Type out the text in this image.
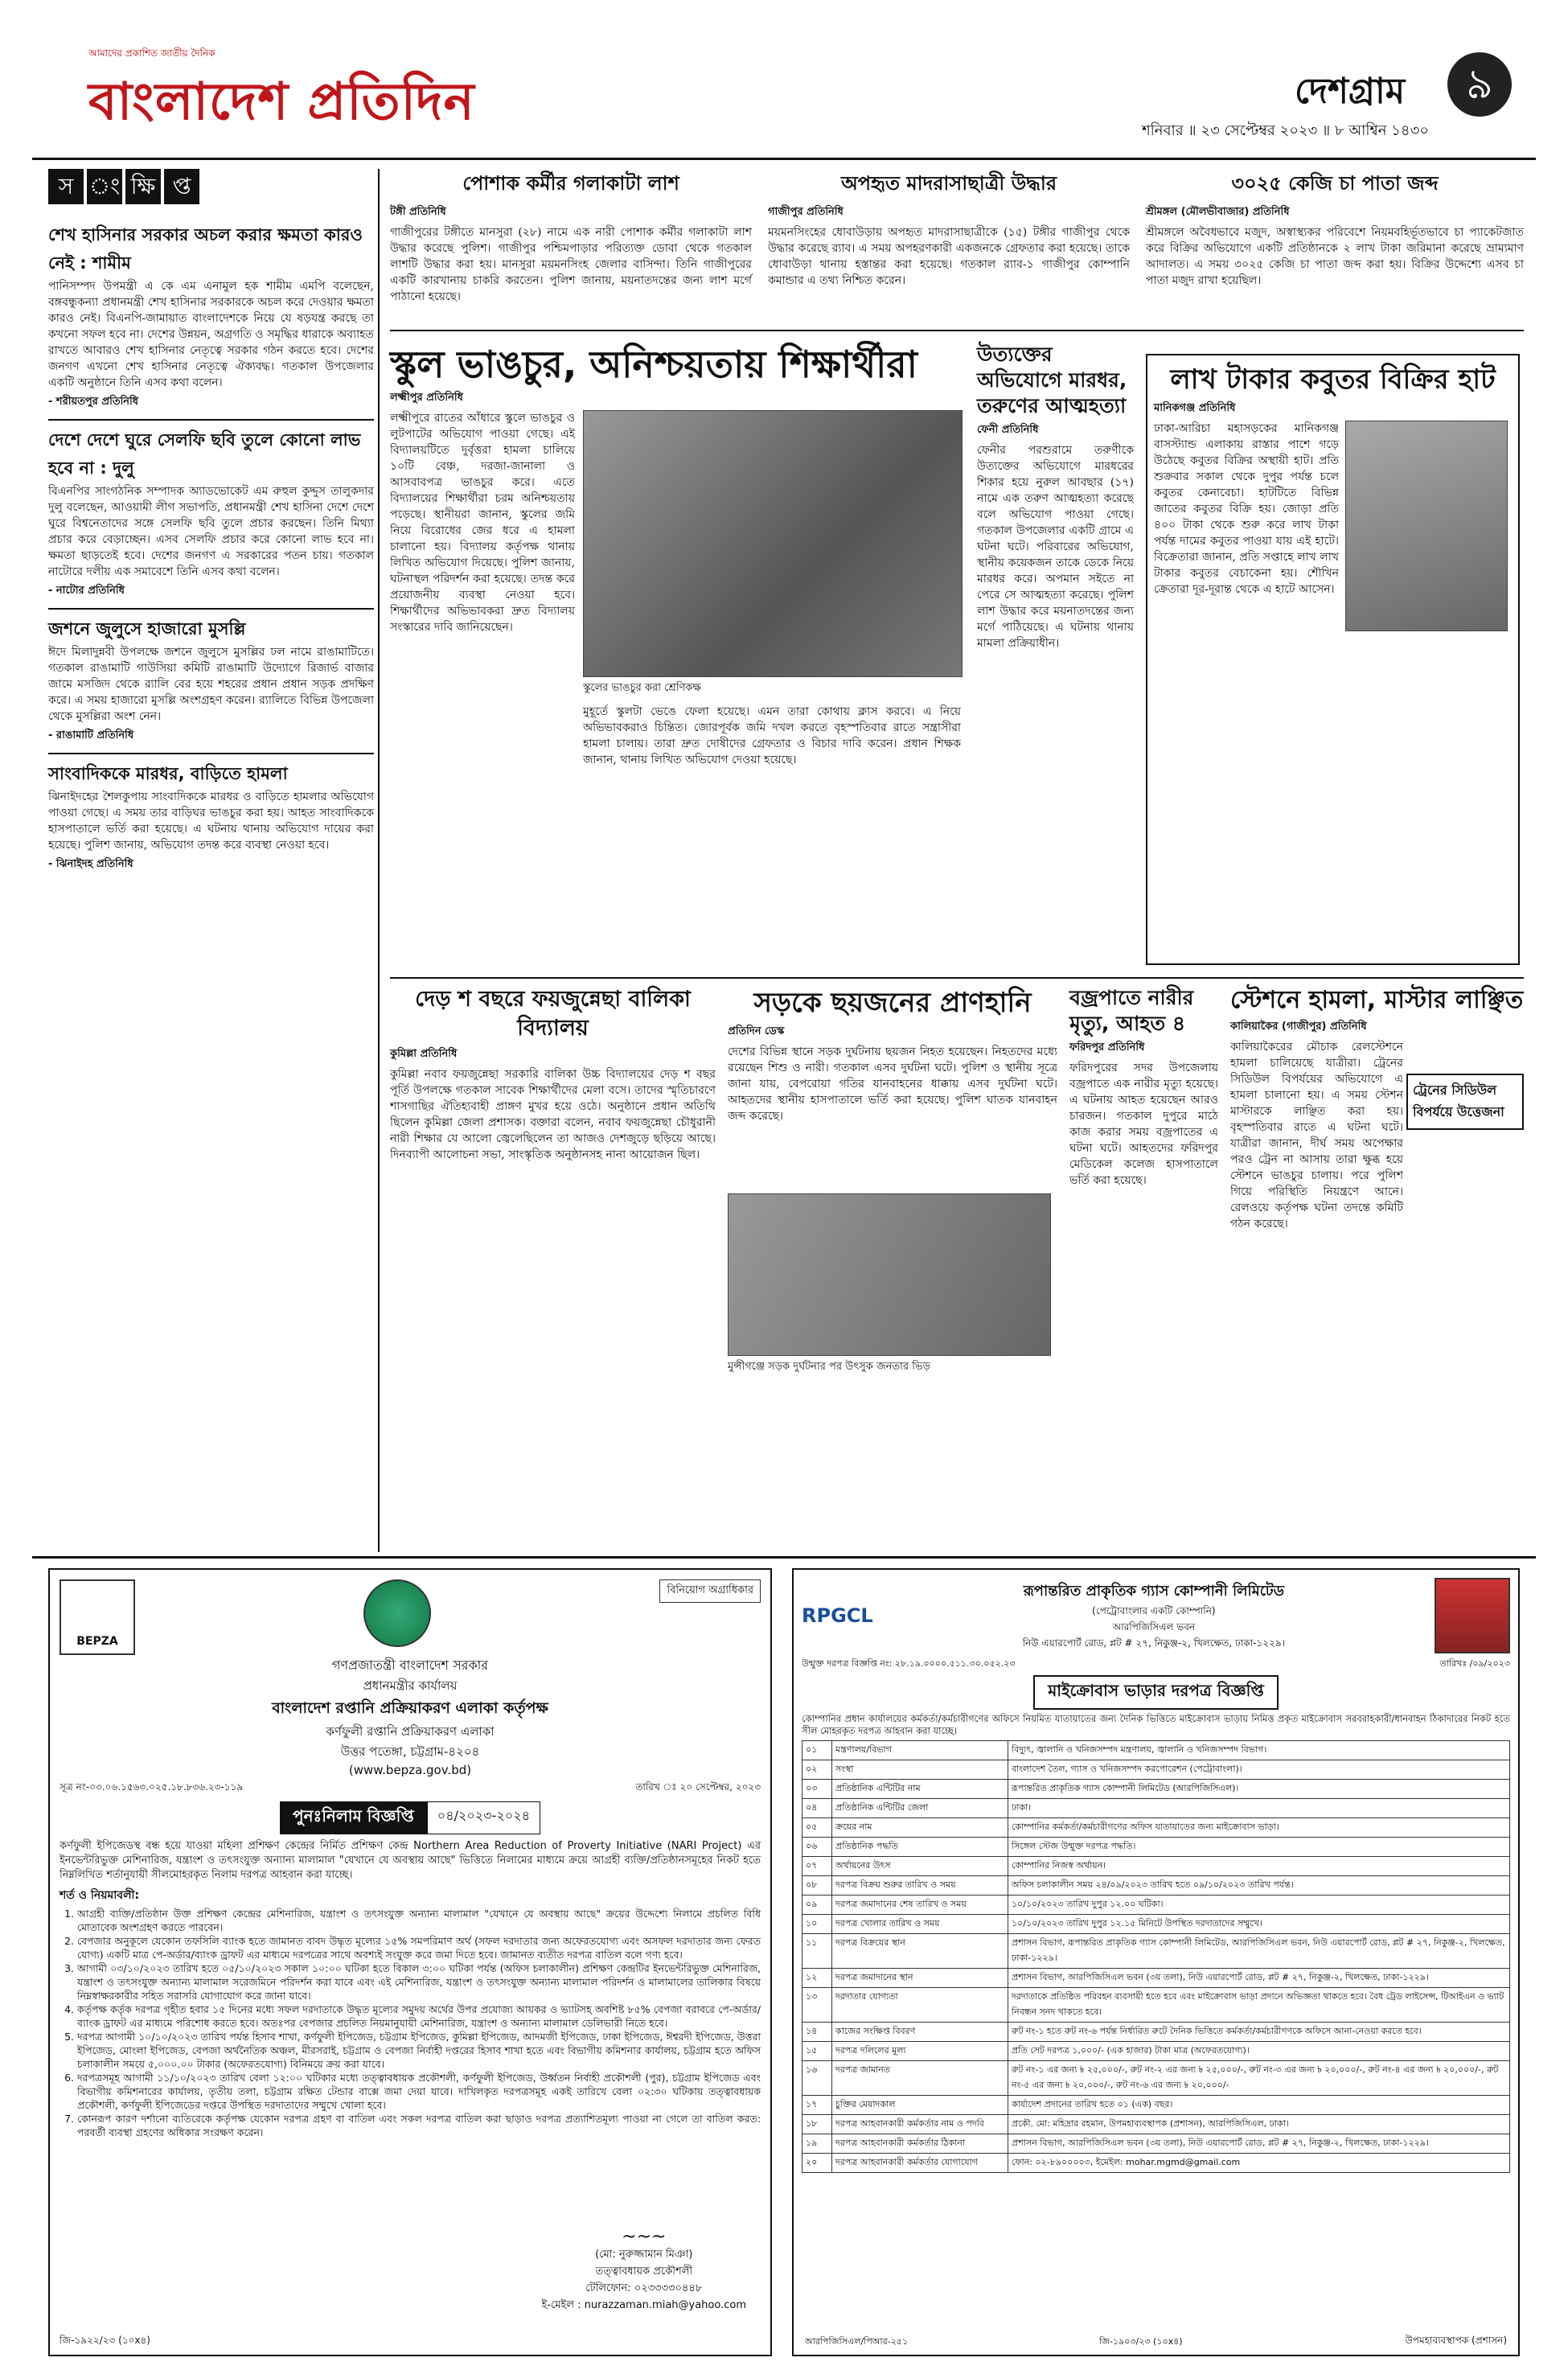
আমাদের প্রকাশিত জাতীয় দৈনিক
বাংলাদেশ প্রতিদিন	দেশগ্রাম	৯
শনিবার ॥ ২৩ সেপ্টেম্বর ২০২৩ ॥ ৮ আশ্বিন ১৪৩০
স ং ক্ষি প্ত
শেখ হাসিনার সরকার অচল করার ক্ষমতা কারও নেই : শামীম
পানিসম্পদ উপমন্ত্রী এ কে এম এনামুল হক শামীম এমপি বলেছেন, বঙ্গবন্ধুকন্যা প্রধানমন্ত্রী শেখ হাসিনার সরকারকে অচল করে দেওয়ার ক্ষমতা কারও নেই। বিএনপি-জামায়াত বাংলাদেশকে নিয়ে যে ষড়যন্ত্র করছে তা কখনো সফল হবে না। দেশের উন্নয়ন, অগ্রগতি ও সমৃদ্ধির ধারাকে অব্যাহত রাখতে আবারও শেখ হাসিনার নেতৃত্বে সরকার গঠন করতে হবে। দেশের জনগণ এখনো শেখ হাসিনার নেতৃত্বে ঐক্যবদ্ধ। গতকাল উপজেলার একটি অনুষ্ঠানে তিনি এসব কথা বলেন।
- শরীয়তপুর প্রতিনিধি
দেশে দেশে ঘুরে সেলফি ছবি তুলে কোনো লাভ হবে না : দুলু
বিএনপির সাংগঠনিক সম্পাদক অ্যাডভোকেট এম রুহুল কুদ্দুস তালুকদার দুলু বলেছেন, আওয়ামী লীগ সভাপতি, প্রধানমন্ত্রী শেখ হাসিনা দেশে দেশে ঘুরে বিশ্বনেতাদের সঙ্গে সেলফি ছবি তুলে প্রচার করছেন। তিনি মিথ্যা প্রচার করে বেড়াচ্ছেন। এসব সেলফি প্রচার করে কোনো লাভ হবে না। ক্ষমতা ছাড়তেই হবে। দেশের জনগণ এ সরকারের পতন চায়। গতকাল নাটোরে দলীয় এক সমাবেশে তিনি এসব কথা বলেন।
- নাটোর প্রতিনিধি
জশনে জুলুসে হাজারো মুসল্লি
ঈদে মিলাদুন্নবী উপলক্ষে জশনে জুলুসে মুসল্লির ঢল নামে রাঙামাটিতে। গতকাল রাঙামাটি গাউসিয়া কমিটি রাঙামাটি উদ্যোগে রিজার্ভ বাজার জামে মসজিদ থেকে র‍্যালি বের হয়ে শহরের প্রধান প্রধান সড়ক প্রদক্ষিণ করে। এ সময় হাজারো মুসল্লি অংশগ্রহণ করেন। র‍্যালিতে বিভিন্ন উপজেলা থেকে মুসল্লিরা অংশ নেন।
- রাঙামাটি প্রতিনিধি
সাংবাদিককে মারধর, বাড়িতে হামলা
ঝিনাইদহের শৈলকুপায় সাংবাদিককে মারধর ও বাড়িতে হামলার অভিযোগ পাওয়া গেছে। এ সময় তার বাড়িঘর ভাঙচুর করা হয়। আহত সাংবাদিককে হাসপাতালে ভর্তি করা হয়েছে। এ ঘটনায় থানায় অভিযোগ দায়ের করা হয়েছে। পুলিশ জানায়, অভিযোগ তদন্ত করে ব্যবস্থা নেওয়া হবে।
- ঝিনাইদহ প্রতিনিধি
পোশাক কর্মীর গলাকাটা লাশ
টঙ্গী প্রতিনিধি
গাজীপুরের টঙ্গীতে মানসুরা (২৮) নামে এক নারী পোশাক কর্মীর গলাকাটা লাশ উদ্ধার করেছে পুলিশ। গাজীপুর পশ্চিমপাড়ার পরিত্যক্ত ডোবা থেকে গতকাল লাশটি উদ্ধার করা হয়। মানসুরা ময়মনসিংহ জেলার বাসিন্দা। তিনি গাজীপুরের একটি কারখানায় চাকরি করতেন। পুলিশ জানায়, ময়নাতদন্তের জন্য লাশ মর্গে পাঠানো হয়েছে।
অপহৃত মাদরাসাছাত্রী উদ্ধার
গাজীপুর প্রতিনিধি
ময়মনসিংহের ধোবাউড়ায় অপহৃত মাদরাসাছাত্রীকে (১৫) টঙ্গীর গাজীপুর থেকে উদ্ধার করেছে র‍্যাব। এ সময় অপহরণকারী একজনকে গ্রেফতার করা হয়েছে। তাকে ধোবাউড়া থানায় হস্তান্তর করা হয়েছে। গতকাল র‍্যাব-১ গাজীপুর কোম্পানি কমান্ডার এ তথ্য নিশ্চিত করেন।
৩০২৫ কেজি চা পাতা জব্দ
শ্রীমঙ্গল (মৌলভীবাজার) প্রতিনিধি
শ্রীমঙ্গলে অবৈধভাবে মজুদ, অস্বাস্থ্যকর পরিবেশে নিয়মবহির্ভূতভাবে চা প্যাকেটজাত করে বিক্রির অভিযোগে একটি প্রতিষ্ঠানকে ২ লাখ টাকা জরিমানা করেছে ভ্রাম্যমাণ আদালত। এ সময় ৩০২৫ কেজি চা পাতা জব্দ করা হয়। বিক্রির উদ্দেশ্যে এসব চা পাতা মজুদ রাখা হয়েছিল।
স্কুল ভাঙচুর, অনিশ্চয়তায় শিক্ষার্থীরা
লক্ষ্মীপুর প্রতিনিধি
লক্ষ্মীপুরে রাতের আঁধারে স্কুলে ভাঙচুর ও লুটপাটের অভিযোগ পাওয়া গেছে। এই বিদ্যালয়টিতে দুর্বৃত্তরা হামলা চালিয়ে ১০টি বেঞ্চ, দরজা-জানালা ও আসবাবপত্র ভাঙচুর করে। এতে বিদ্যালয়ের শিক্ষার্থীরা চরম অনিশ্চয়তায় পড়েছে। স্থানীয়রা জানান, স্কুলের জমি নিয়ে বিরোধের জের ধরে এ হামলা চালানো হয়। বিদ্যালয় কর্তৃপক্ষ থানায় লিখিত অভিযোগ দিয়েছে। পুলিশ জানায়, ঘটনাস্থল পরিদর্শন করা হয়েছে। তদন্ত করে প্রয়োজনীয় ব্যবস্থা নেওয়া হবে। শিক্ষার্থীদের অভিভাবকরা দ্রুত বিদ্যালয় সংস্কারের দাবি জানিয়েছেন।
স্কুলের ভাঙচুর করা শ্রেণিকক্ষ
মুহূর্তে স্কুলটা ভেঙে ফেলা হয়েছে। এমন তারা কোথায় ক্লাস করবে। এ নিয়ে অভিভাবকরাও চিন্তিত। জোরপূর্বক জমি দখল করতে বৃহস্পতিবার রাতে সন্ত্রাসীরা হামলা চালায়। তারা দ্রুত দোষীদের গ্রেফতার ও বিচার দাবি করেন। প্রধান শিক্ষক জানান, থানায় লিখিত অভিযোগ দেওয়া হয়েছে।
উত্যক্তের অভিযোগে মারধর, তরুণের আত্মহত্যা
ফেনী প্রতিনিধি
ফেনীর পরশুরামে তরুণীকে উত্যক্তের অভিযোগে মারধরের শিকার হয়ে নুরুল আবছার (১৭) নামে এক তরুণ আত্মহত্যা করেছে বলে অভিযোগ পাওয়া গেছে। গতকাল উপজেলার একটি গ্রামে এ ঘটনা ঘটে। পরিবারের অভিযোগ, স্থানীয় কয়েকজন তাকে ডেকে নিয়ে মারধর করে। অপমান সইতে না পেরে সে আত্মহত্যা করেছে। পুলিশ লাশ উদ্ধার করে ময়নাতদন্তের জন্য মর্গে পাঠিয়েছে। এ ঘটনায় থানায় মামলা প্রক্রিয়াধীন।
লাখ টাকার কবুতর বিক্রির হাট
মানিকগঞ্জ প্রতিনিধি
ঢাকা-আরিচা মহাসড়কের মানিকগঞ্জ বাসস্ট্যান্ড এলাকায় রাস্তার পাশে গড়ে উঠেছে কবুতর বিক্রির অস্থায়ী হাট। প্রতি শুক্রবার সকাল থেকে দুপুর পর্যন্ত চলে কবুতর কেনাবেচা। হাটটিতে বিভিন্ন জাতের কবুতর বিক্রি হয়। জোড়া প্রতি ৪০০ টাকা থেকে শুরু করে লাখ টাকা পর্যন্ত দামের কবুতর পাওয়া যায় এই হাটে। বিক্রেতারা জানান, প্রতি সপ্তাহে লাখ লাখ টাকার কবুতর বেচাকেনা হয়। শৌখিন ক্রেতারা দূর-দূরান্ত থেকে এ হাটে আসেন।
দেড় শ বছরে ফয়জুন্নেছা বালিকা বিদ্যালয়
কুমিল্লা প্রতিনিধি
কুমিল্লা নবাব ফয়জুন্নেছা সরকারি বালিকা উচ্চ বিদ্যালয়ের দেড় শ বছর পূর্তি উপলক্ষে গতকাল সাবেক শিক্ষার্থীদের মেলা বসে। তাদের স্মৃতিচারণে শাসগাছির ঐতিহ্যবাহী প্রাঙ্গণ মুখর হয়ে ওঠে। অনুষ্ঠানে প্রধান অতিথি ছিলেন কুমিল্লা জেলা প্রশাসক। বক্তারা বলেন, নবাব ফয়জুন্নেছা চৌধুরানী নারী শিক্ষার যে আলো জ্বেলেছিলেন তা আজও দেশজুড়ে ছড়িয়ে আছে। দিনব্যাপী আলোচনা সভা, সাংস্কৃতিক অনুষ্ঠানসহ নানা আয়োজন ছিল।
সড়কে ছয়জনের প্রাণহানি
প্রতিদিন ডেস্ক
দেশের বিভিন্ন স্থানে সড়ক দুর্ঘটনায় ছয়জন নিহত হয়েছেন। নিহতদের মধ্যে রয়েছেন শিশু ও নারী। গতকাল এসব দুর্ঘটনা ঘটে। পুলিশ ও স্থানীয় সূত্রে জানা যায়, বেপরোয়া গতির যানবাহনের ধাক্কায় এসব দুর্ঘটনা ঘটে। আহতদের স্থানীয় হাসপাতালে ভর্তি করা হয়েছে। পুলিশ ঘাতক যানবাহন জব্দ করেছে।
মুন্সীগঞ্জে সড়ক দুর্ঘটনার পর উৎসুক জনতার ভিড়
বজ্রপাতে নারীর মৃত্যু, আহত ৪
ফরিদপুর প্রতিনিধি
ফরিদপুরের সদর উপজেলায় বজ্রপাতে এক নারীর মৃত্যু হয়েছে। এ ঘটনায় আহত হয়েছেন আরও চারজন। গতকাল দুপুরে মাঠে কাজ করার সময় বজ্রপাতের এ ঘটনা ঘটে। আহতদের ফরিদপুর মেডিকেল কলেজ হাসপাতালে ভর্তি করা হয়েছে।
স্টেশনে হামলা, মাস্টার লাঞ্ছিত
কালিয়াকৈর (গাজীপুর) প্রতিনিধি
ট্রেনের সিডিউল বিপর্যয়ে উত্তেজনা
কালিয়াকৈরের মৌচাক রেলস্টেশনে হামলা চালিয়েছে যাত্রীরা। ট্রেনের সিডিউল বিপর্যয়ের অভিযোগে এ হামলা চালানো হয়। এ সময় স্টেশন মাস্টারকে লাঞ্ছিত করা হয়। বৃহস্পতিবার রাতে এ ঘটনা ঘটে। যাত্রীরা জানান, দীর্ঘ সময় অপেক্ষার পরও ট্রেন না আসায় তারা ক্ষুব্ধ হয়ে স্টেশনে ভাঙচুর চালায়। পরে পুলিশ গিয়ে পরিস্থিতি নিয়ন্ত্রণে আনে। রেলওয়ে কর্তৃপক্ষ ঘটনা তদন্তে কমিটি গঠন করেছে।
BEPZA
বিনিয়োগ অগ্রাধিকার
গণপ্রজাতন্ত্রী বাংলাদেশ সরকার
প্রধানমন্ত্রীর কার্যালয়
বাংলাদেশ রপ্তানি প্রক্রিয়াকরণ এলাকা কর্তৃপক্ষ
কর্ণফুলী রপ্তানি প্রক্রিয়াকরণ এলাকা
উত্তর পতেঙ্গা, চট্টগ্রাম-৪২০৪
(www.bepza.gov.bd)
সূত্র নং-০৩.০৬.১৫৬৩.০২৫.১৮.৮৩৬.২৩-১১৯	তারিখ ঃ ২০ সেপ্টেম্বর, ২০২৩
পুনঃনিলাম বিজ্ঞপ্তি	০৪/২০২৩-২০২৪
কর্ণফুলী ইপিজেডস্থ বন্ধ হয়ে যাওয়া মহিলা প্রশিক্ষণ কেন্দ্রের নির্মিত প্রশিক্ষণ কেন্দ্র Northern Area Reduction of Proverty Initiative (NARI Project) এর ইনভেন্টরিভুক্ত মেশিনারিজ, যন্ত্রাংশ ও তৎসংযুক্ত অন্যান্য মালামাল "যেখানে যে অবস্থায় আছে" ভিত্তিতে নিলামের মাধ্যমে ক্রয়ে আগ্রহী ব্যক্তি/প্রতিষ্ঠানসমূহের নিকট হতে নিম্নলিখিত শর্তানুযায়ী সীলমোহরকৃত নিলাম দরপত্র আহবান করা যাচ্ছে।
শর্ত ও নিয়মাবলী:
1. আগ্রহী ব্যক্তি/প্রতিষ্ঠান উক্ত প্রশিক্ষণ কেন্দ্রের মেশিনারিজ, যন্ত্রাংশ ও তৎসংযুক্ত অন্যান্য মালামাল "যেখানে যে অবস্থায় আছে" ক্রয়ের উদ্দেশ্যে নিলামে প্রচলিত বিধি মোতাবেক অংশগ্রহণ করতে পারবেন।
2. বেপজার অনুকূলে যেকোন তফসিলি ব্যাংক হতে জামানত বাবদ উদ্ধৃত মূল্যের ১৫% সমপরিমাণ অর্থ (সফল দরদাতার জন্য অফেরতযোগ্য এবং অসফল দরদাতার জন্য ফেরত যোগ্য) একটি মাত্র পে-অর্ডার/ব্যাংক ড্রাফট এর মাধ্যমে দরপত্রের সাথে অবশ্যই সংযুক্ত করে জমা দিতে হবে। জামানত ব্যতীত দরপত্র বাতিল বলে গণ্য হবে।
3. আগামী ০৩/১০/২০২৩ তারিখ হতে ০৫/১০/২০২৩ সকাল ১০:০০ ঘটিকা হতে বিকাল ৩:০০ ঘটিকা পর্যন্ত (অফিস চলাকালীন) প্রশিক্ষণ কেন্দ্রটির ইনভেন্টরিভুক্ত মেশিনারিজ, যন্ত্রাংশ ও তৎসংযুক্ত অন্যান্য মালামাল সরেজমিনে পরিদর্শন করা যাবে এবং এই মেশিনারিজ, যন্ত্রাংশ ও তৎসংযুক্ত অন্যান্য মালামাল পরিদর্শন ও মালামালের তালিকার বিষয়ে নিম্নস্বাক্ষরকারীর সহিত সরাসরি যোগাযোগ করে জানা যাবে।
4. কর্তৃপক্ষ কর্তৃক দরপত্র গৃহীত হবার ১৫ দিনের মধ্যে সফল দরদাতাকে উদ্ধৃত মূল্যের সমুদয় অর্থের উপর প্রযোজ্য আয়কর ও ভ্যাটসহ অবশিষ্ট ৮৫% বেপজা বরাবরে পে-অর্ডার/ব্যাংক ড্রাফট এর মাধ্যমে পরিশোধ করতে হবে। অতঃপর বেপজার প্রচলিত নিয়মানুযায়ী মেশিনারিজ, যন্ত্রাংশ ও অন্যান্য মালামাল ডেলিভারী নিতে হবে।
5. দরপত্র আগামী ১০/১০/২০২৩ তারিখ পর্যন্ত হিসাব শাখা, কর্ণফুলী ইপিজেড, চট্টগ্রাম ইপিজেড, কুমিল্লা ইপিজেড, আদমজী ইপিজেড, ঢাকা ইপিজেড, ঈশ্বরদী ইপিজেড, উত্তরা ইপিজেড, মোংলা ইপিজেড, বেপজা অর্থনৈতিক অঞ্চল, মীরসরাই, চট্টগ্রাম ও বেপজা নির্বাহী দপ্তরের হিসাব শাখা হতে এবং বিভাগীয় কমিশনার কার্যালয়, চট্টগ্রাম হতে অফিস চলাকালীন সময়ে ৫,০০০.০০ টাকার (অফেরতযোগ্য) বিনিময়ে ক্রয় করা যাবে।
6. দরপত্রসমূহ আগামী ১১/১০/২০২৩ তারিখ বেলা ১২:০০ ঘটিকার মধ্যে তত্ত্বাবধায়ক প্রকৌশলী, কর্ণফুলী ইপিজেড, উর্ধ্বতন নির্বাহী প্রকৌশলী (পুর), চট্টগ্রাম ইপিজেড এবং বিভাগীয় কমিশনারের কার্যালয়, তৃতীয় তলা, চট্টগ্রাম রক্ষিত টেন্ডার বাক্সে জমা দেয়া যাবে। দাখিলকৃত দরপত্রসমূহ একই তারিখে বেলা ০২:৩০ ঘটিকায় তত্ত্বাবধায়ক প্রকৌশলী, কর্ণফুলী ইপিজেডের দপ্তরে উপস্থিত দরদাতাদের সম্মুখে খোলা হবে।
7. কোনরূপ কারণ দর্শানো ব্যতিরেকে কর্তৃপক্ষ যেকোন দরপত্র গ্রহণ বা বাতিল এবং সকল দরপত্র বাতিল করা ছাড়াও দরপত্র প্রত্যাশিতমূল্য পাওয়া না গেলে তা বাতিল করত: পরবর্তী ব্যবস্থা গ্রহণের অধিকার সংরক্ষণ করেন।
~~~
(মো: নুরুজ্জামান মিঞা)
তত্ত্বাবধায়ক প্রকৌশলী
টেলিফোন: ০২৩৩৩৩০৪৪৮
ই-মেইল : nurazzaman.miah@yahoo.com
জি-১৯২২/২৩ (১০x৪)
RPGCL
রূপান্তরিত প্রাকৃতিক গ্যাস কোম্পানী লিমিটেড
(পেট্রোবাংলার একটি কোম্পানি)
আরপিজিসিএল ভবন
নিউ এয়ারপোর্ট রোড, প্লট # ২৭, নিকুঞ্জ-২, খিলক্ষেত, ঢাকা-১২২৯।
উন্মুক্ত দরপত্র বিজ্ঞপ্তি নং: ২৮.১৯.০০০০.৫১১.৩০.০৫২.২৩	তারিখঃ /০৯/২০২৩
মাইক্রোবাস ভাড়ার দরপত্র বিজ্ঞপ্তি
কোম্পানির প্রধান কার্যালয়ের কর্মকর্তা/কর্মচারীগণের অফিসে নিয়মিত যাতায়াতের জন্য দৈনিক ভিত্তিতে মাইক্রোবাস ভাড়ায় নিমিত্ত প্রকৃত মাইক্রোবাস সরবরাহকারী/ধানবাহন ঠিকাদারের নিকট হতে সীল মোহরকৃত দরপত্র আহবান করা যাচ্ছে।
০১	মন্ত্রণালয়/বিভাগ	বিদ্যুৎ, জ্বালানি ও খনিজসম্পদ মন্ত্রণালয়, জ্বালানি ও খনিজসম্পদ বিভাগ।
০২	সংস্থা	বাংলাদেশ তৈল, গ্যাস ও খনিজসম্পদ করপোরেশন (পেট্রোবাংলা)।
০৩	প্রতিষ্ঠানিক এন্টিটির নাম	রূপান্তরিত প্রাকৃতিক গ্যাস কোম্পানী লিমিটেড (আরপিজিসিএল)।
০৪	প্রতিষ্ঠানিক এন্টিটির জেলা	ঢাকা।
০৫	ক্রয়ের নাম	কোম্পানির কর্মকর্তা/কর্মচারীগণের অফিস যাতায়াতের জন্য মাইক্রোবাস ভাড়া।
০৬	প্রতিষ্ঠানিক পদ্ধতি	সিঙ্গেল স্টেজ উন্মুক্ত দরপত্র পদ্ধতি।
০৭	অর্থায়নের উৎস	কোম্পানির নিজস্ব অর্থায়ন।
০৮	দরপত্র বিক্রয় শুরুর তারিখ ও সময়	অফিস চলাকালীন সময় ২৪/০৯/২০২৩ তারিখ হতে ০৯/১০/২০২৩ তারিখ পর্যন্ত।
০৯	দরপত্র জমাদানের শেষ তারিখ ও সময়	১০/১০/২০২৩ তারিখ দুপুর ১২.০০ ঘটিকা।
১০	দরপত্র খোলার তারিখ ও সময়	১০/১০/২০২৩ তারিখ দুপুর ১২.১৫ মিনিটে উপস্থিত দরদাতাদের সম্মুখে।
১১	দরপত্র বিক্রয়ের স্থান	প্রশাসন বিভাগ, রূপান্তরিত প্রাকৃতিক গ্যাস কোম্পানী লিমিটেড, আরপিজিসিএল ভবন, নিউ এয়ারপোর্ট রোড, প্লট # ২৭, নিকুঞ্জ-২, খিলক্ষেত, ঢাকা-১২২৯।
১২	দরপত্র জমাদানের স্থান	প্রশাসন বিভাগ, আরপিজিসিএল ভবন (৩য় তলা), নিউ এয়ারপোর্ট রোড, প্লট # ২৭, নিকুঞ্জ-২, খিলক্ষেত, ঢাকা-১২২৯।
১৩	দরদাতার যোগ্যতা	দরদাতাকে প্রতিষ্ঠিত পরিবহন ব্যবসায়ী হতে হবে এবং মাইক্রোবাস ভাড়া প্রদানে অভিজ্ঞতা থাকতে হবে। বৈধ ট্রেড লাইসেন্স, টিআইএন ও ভ্যাট নিবন্ধন সনদ থাকতে হবে।
১৪	কাজের সংক্ষিপ্ত বিবরণ	রুট নং-১ হতে রুট নং-৬ পর্যন্ত নির্ধারিত রুটে দৈনিক ভিত্তিতে কর্মকর্তা/কর্মচারীগণকে অফিসে আনা-নেওয়া করতে হবে।
১৫	দরপত্র দলিলের মূল্য	প্রতি সেট দরপত্র ১,০০০/- (এক হাজার) টাকা মাত্র (অফেরতযোগ্য)।
১৬	দরপত্র জামানত	রুট নং-১ এর জন্য ৳ ২৫,০০০/-, রুট নং-২ এর জন্য ৳ ২৫,০০০/-, রুট নং-৩ এর জন্য ৳ ২০,০০০/-, রুট নং-৪ এর জন্য ৳ ২০,০০০/-, রুট নং-৫ এর জন্য ৳ ২০,০০০/-, রুট নং-৬ এর জন্য ৳ ২০,০০০/-
১৭	চুক্তির মেয়াদকাল	কার্যাদেশ প্রদানের তারিখ হতে ০১ (এক) বছর।
১৮	দরপত্র আহবানকারী কর্মকর্তার নাম ও পদবি	প্রকৌ. মো: মহিদ্রার রহমান, উপমহাব্যবস্থাপক (প্রশাসন), আরপিজিসিএল, ঢাকা।
১৯	দরপত্র আহবানকারী কর্মকর্তার ঠিকানা	প্রশাসন বিভাগ, আরপিজিসিএল ভবন (৩য় তলা), নিউ এয়ারপোর্ট রোড, প্লট # ২৭, নিকুঞ্জ-২, খিলক্ষেত, ঢাকা-১২২৯।
২০	দরপত্র আহবানকারী কর্মকর্তার যোগাযোগ	ফোন: ০২-৮৯০০০০৩, ইমেইল: mohar.mgmd@gmail.com
উপমহাব্যবস্থাপক (প্রশাসন)
আরপিজিসিএল/পিআর-২৫১	জি-১৯০৩/২৩ (১০x৪)
